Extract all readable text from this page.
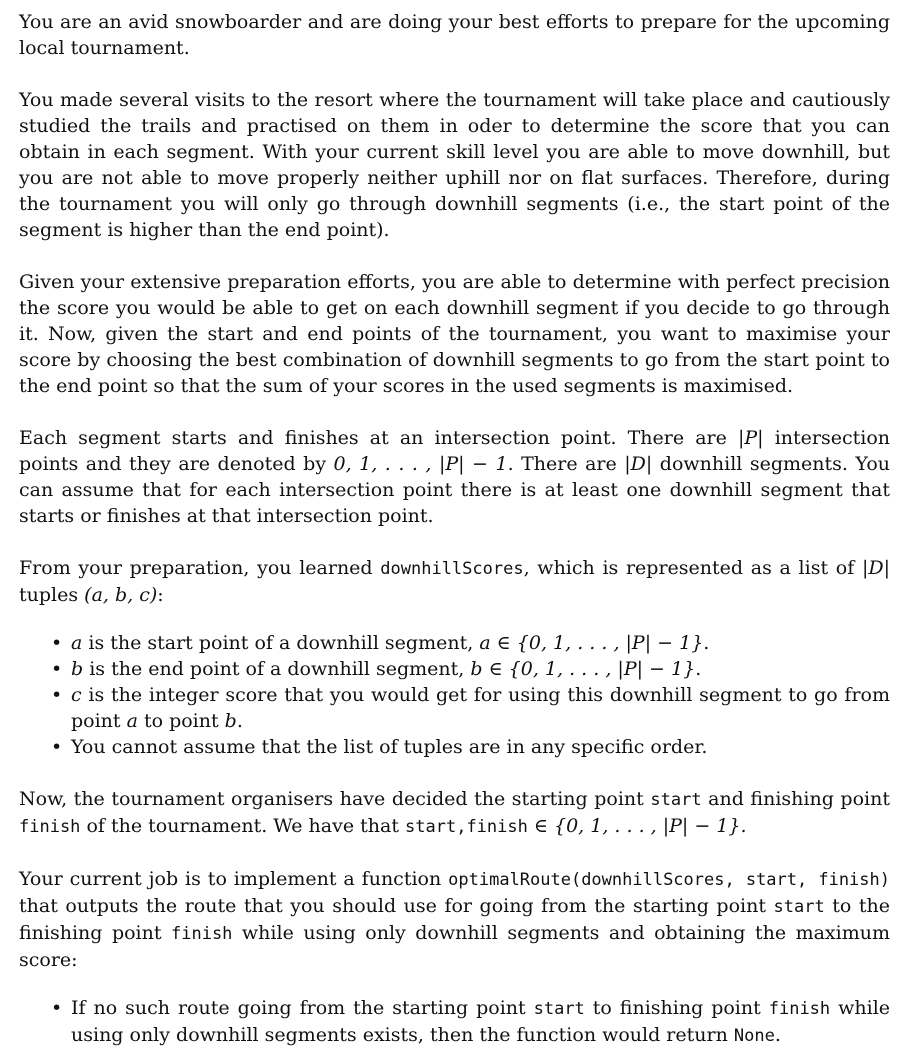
You are an avid snowboarder and are doing your best efforts to prepare for the upcoming local tournament.

You made several visits to the resort where the tournament will take place and cautiously studied the trails and practised on them in oder to determine the score that you can obtain in each segment. With your current skill level you are able to move downhill, but you are not able to move properly neither uphill nor on flat surfaces. Therefore, during the tournament you will only go through downhill segments (i.e., the start point of the segment is higher than the end point).

Given your extensive preparation efforts, you are able to determine with perfect precision the score you would be able to get on each downhill segment if you decide to go through it. Now, given the start and end points of the tournament, you want to maximise your score by choosing the best combination of downhill segments to go from the start point to the end point so that the sum of your scores in the used segments is maximised.

Each segment starts and finishes at an intersection point. There are |P| intersection points and they are denoted by 0, 1, . . . , |P| − 1. There are |D| downhill segments. You can assume that for each intersection point there is at least one downhill segment that starts or finishes at that intersection point.

From your preparation, you learned downhillScores, which is represented as a list of |D| tuples (a, b, c):

• a is the start point of a downhill segment, a ∈ {0, 1, . . . , |P| − 1}.
• b is the end point of a downhill segment, b ∈ {0, 1, . . . , |P| − 1}.
• c is the integer score that you would get for using this downhill segment to go from point a to point b.
• You cannot assume that the list of tuples are in any specific order.

Now, the tournament organisers have decided the starting point start and finishing point finish of the tournament. We have that start,finish ∈ {0, 1, . . . , |P| − 1}.

Your current job is to implement a function optimalRoute(downhillScores, start, finish) that outputs the route that you should use for going from the starting point start to the finishing point finish while using only downhill segments and obtaining the maximum score:

• If no such route going from the starting point start to finishing point finish while using only downhill segments exists, then the function would return None.
